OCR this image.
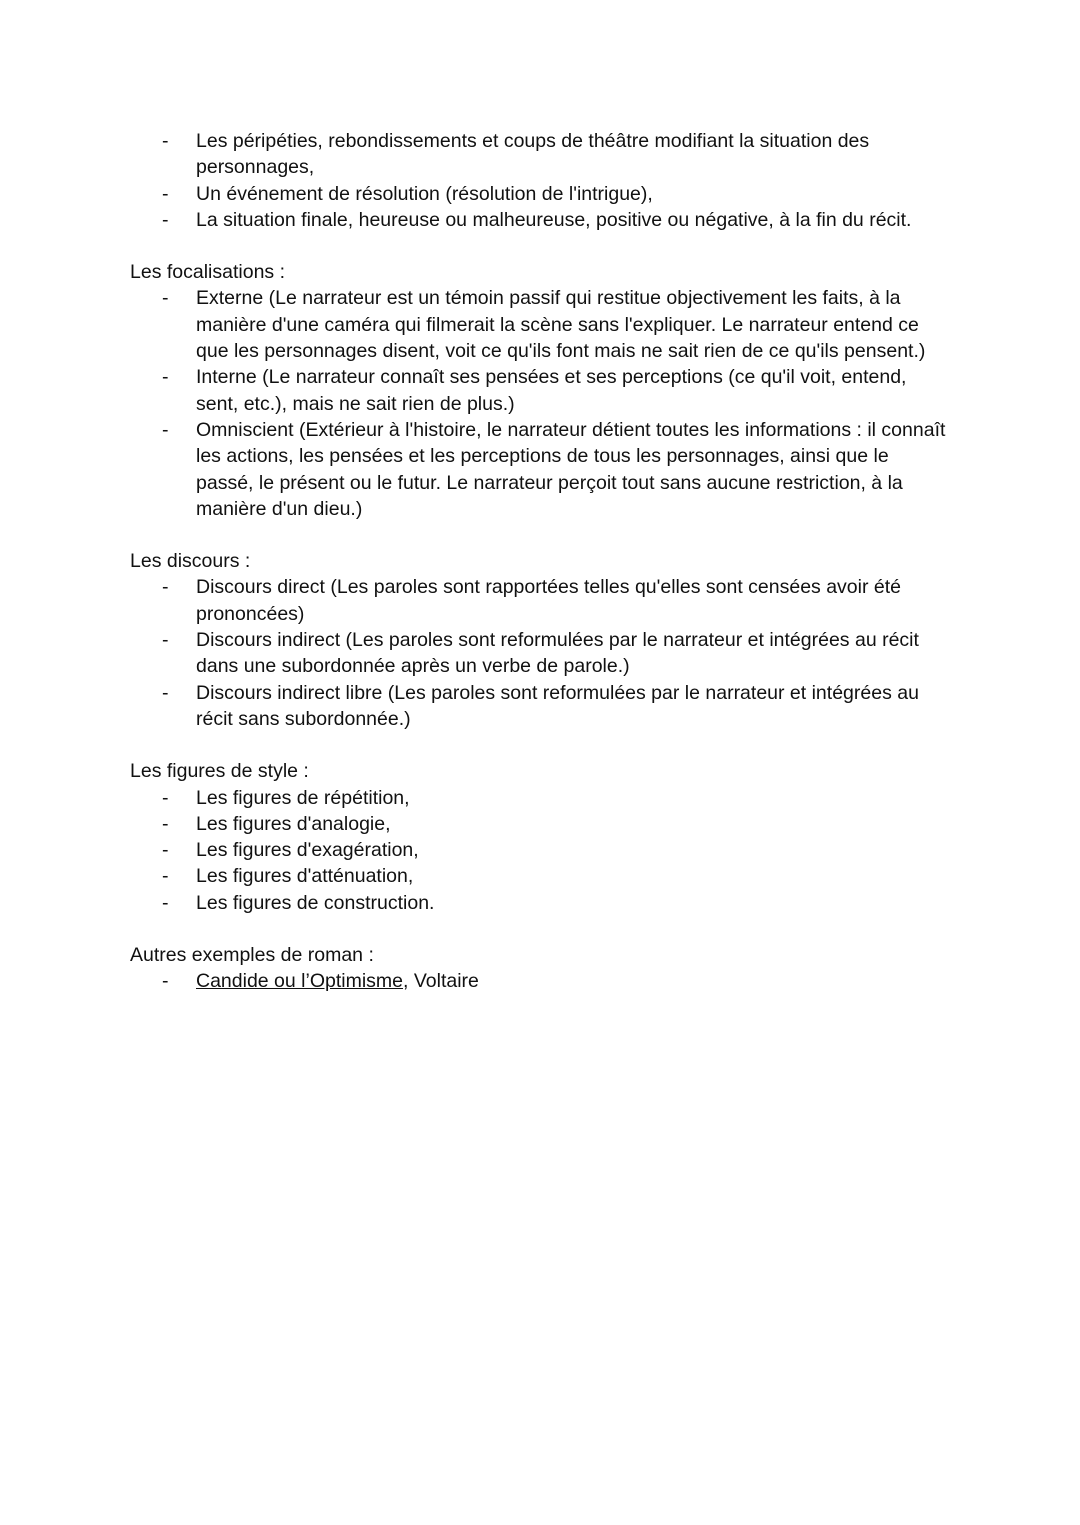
- Les péripéties, rebondissements et coups de théâtre modifiant la situation des personnages,
- Un événement de résolution (résolution de l'intrigue),
- La situation finale, heureuse ou malheureuse, positive ou négative, à la fin du récit.
Les focalisations :
- Externe (Le narrateur est un témoin passif qui restitue objectivement les faits, à la manière d'une caméra qui filmerait la scène sans l'expliquer. Le narrateur entend ce que les personnages disent, voit ce qu'ils font mais ne sait rien de ce qu'ils pensent.)
- Interne (Le narrateur connaît ses pensées et ses perceptions (ce qu'il voit, entend, sent, etc.), mais ne sait rien de plus.)
- Omniscient (Extérieur à l'histoire, le narrateur détient toutes les informations : il connaît les actions, les pensées et les perceptions de tous les personnages, ainsi que le passé, le présent ou le futur. Le narrateur perçoit tout sans aucune restriction, à la manière d'un dieu.)
Les discours :
- Discours direct (Les paroles sont rapportées telles qu'elles sont censées avoir été prononcées)
- Discours indirect (Les paroles sont reformulées par le narrateur et intégrées au récit dans une subordonnée après un verbe de parole.)
- Discours indirect libre (Les paroles sont reformulées par le narrateur et intégrées au récit sans subordonnée.)
Les figures de style :
- Les figures de répétition,
- Les figures d'analogie,
- Les figures d'exagération,
- Les figures d'atténuation,
- Les figures de construction.
Autres exemples de roman :
- Candide ou l’Optimisme, Voltaire
